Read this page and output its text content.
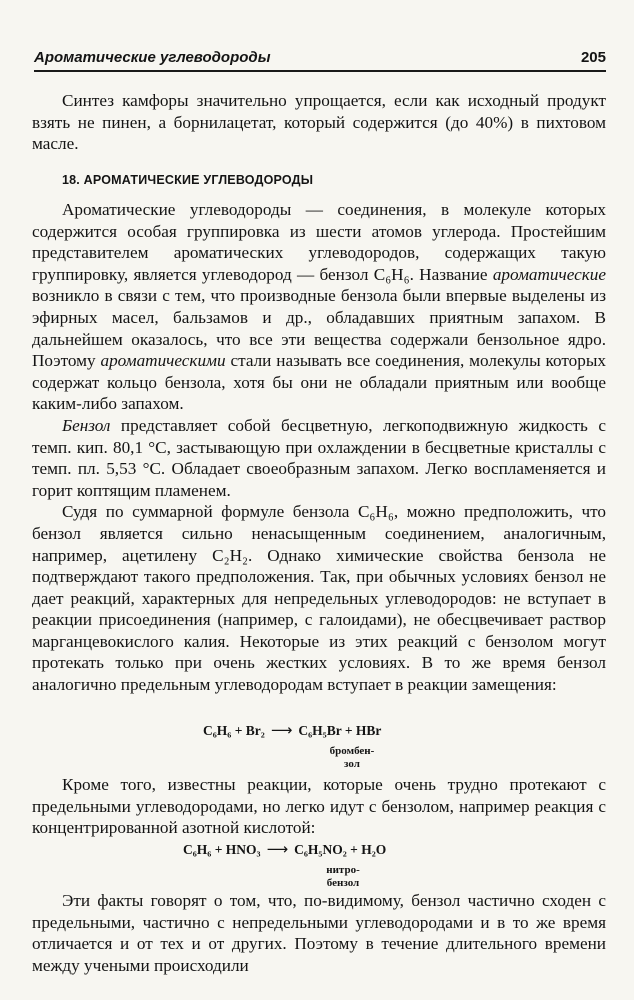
Ароматические углеводороды	205

Синтез камфоры значительно упрощается, если как исходный продукт взять не пинен, а борнилацетат, который содержится (до 40%) в пихтовом масле.

18. АРОМАТИЧЕСКИЕ УГЛЕВОДОРОДЫ

Ароматические углеводороды — соединения, в молекуле которых содержится особая группировка из шести атомов углерода. Простейшим представителем ароматических углеводородов, содержащих такую группировку, является углеводород — бензол C₆H₆. Название ароматические возникло в связи с тем, что производные бензола были впервые выделены из эфирных масел, бальзамов и др., обладавших приятным запахом. В дальнейшем оказалось, что все эти вещества содержали бензольное ядро. Поэтому ароматическими стали называть все соединения, молекулы которых содержат кольцо бензола, хотя бы они не обладали приятным или вообще каким-либо запахом.

Бензол представляет собой бесцветную, легкоподвижную жидкость с темп. кип. 80,1 °С, застывающую при охлаждении в бесцветные кристаллы с темп. пл. 5,53 °С. Обладает своеобразным запахом. Легко воспламеняется и горит коптящим пламенем.

Судя по суммарной формуле бензола C₆H₆, можно предположить, что бензол является сильно ненасыщенным соединением, аналогичным, например, ацетилену C₂H₂. Однако химические свойства бензола не подтверждают такого предположения. Так, при обычных условиях бензол не дает реакций, характерных для непредельных углеводородов: не вступает в реакции присоединения (например, с галоидами), не обесцвечивает раствор марганцевокислого калия. Некоторые из этих реакций с бензолом могут протекать только при очень жестких условиях. В то же время бензол аналогично предельным углеводородам вступает в реакции замещения:

C₆H₆ + Br₂ ⟶ C₆H₅Br + HBr
бромбен-
зол

Кроме того, известны реакции, которые очень трудно протекают с предельными углеводородами, но легко идут с бензолом, например реакция с концентрированной азотной кислотой:

C₆H₆ + HNO₃ ⟶ C₆H₅NO₂ + H₂O
нитро-
бензол

Эти факты говорят о том, что, по-видимому, бензол частично сходен с предельными, частично с непредельными углеводородами и в то же время отличается и от тех и от других. Поэтому в течение длительного времени между учеными происходили
